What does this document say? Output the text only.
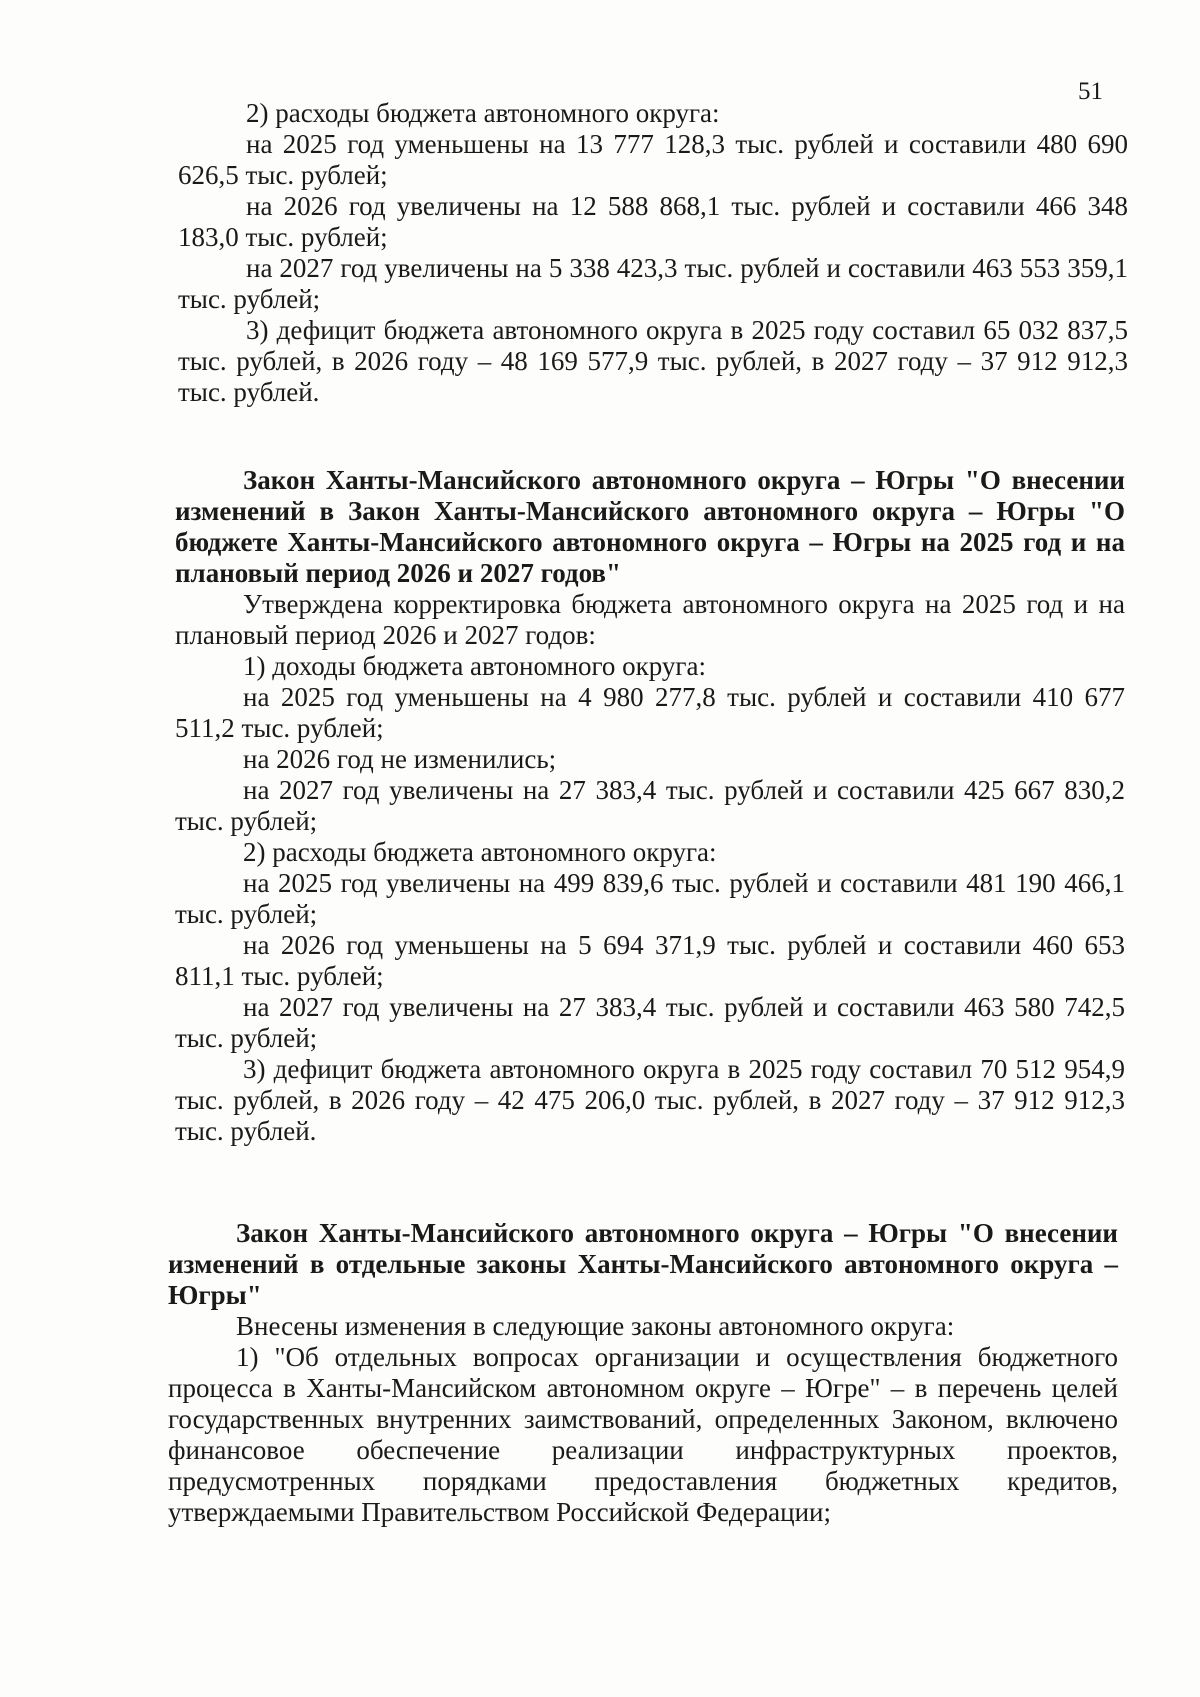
51

2) расходы бюджета автономного округа:

на 2025 год уменьшены на 13 777 128,3 тыс. рублей и составили 480 690 626,5 тыс. рублей;

на 2026 год увеличены на 12 588 868,1 тыс. рублей и составили 466 348 183,0 тыс. рублей;

на 2027 год увеличены на 5 338 423,3 тыс. рублей и составили 463 553 359,1 тыс. рублей;

3) дефицит бюджета автономного округа в 2025 году составил 65 032 837,5 тыс. рублей, в 2026 году – 48 169 577,9 тыс. рублей, в 2027 году – 37 912 912,3 тыс. рублей.

Закон Ханты-Мансийского автономного округа – Югры "О внесении изменений в Закон Ханты-Мансийского автономного округа – Югры "О бюджете Ханты-Мансийского автономного округа – Югры на 2025 год и на плановый период 2026 и 2027 годов"

Утверждена корректировка бюджета автономного округа на 2025 год и на плановый период 2026 и 2027 годов:

1) доходы бюджета автономного округа:

на 2025 год уменьшены на 4 980 277,8 тыс. рублей и составили 410 677 511,2 тыс. рублей;

на 2026 год не изменились;

на 2027 год увеличены на 27 383,4 тыс. рублей и составили 425 667 830,2 тыс. рублей;

2) расходы бюджета автономного округа:

на 2025 год увеличены на 499 839,6 тыс. рублей и составили 481 190 466,1 тыс. рублей;

на 2026 год уменьшены на 5 694 371,9 тыс. рублей и составили 460 653 811,1 тыс. рублей;

на 2027 год увеличены на 27 383,4 тыс. рублей и составили 463 580 742,5 тыс. рублей;

3) дефицит бюджета автономного округа в 2025 году составил 70 512 954,9 тыс. рублей, в 2026 году – 42 475 206,0 тыс. рублей, в 2027 году – 37 912 912,3 тыс. рублей.

Закон Ханты-Мансийского автономного округа – Югры "О внесении изменений в отдельные законы Ханты-Мансийского автономного округа – Югры"

Внесены изменения в следующие законы автономного округа:

1) "Об отдельных вопросах организации и осуществления бюджетного процесса в Ханты-Мансийском автономном округе – Югре" – в перечень целей государственных внутренних заимствований, определенных Законом, включено финансовое обеспечение реализации инфраструктурных проектов, предусмотренных порядками предоставления бюджетных кредитов, утверждаемыми Правительством Российской Федерации;
